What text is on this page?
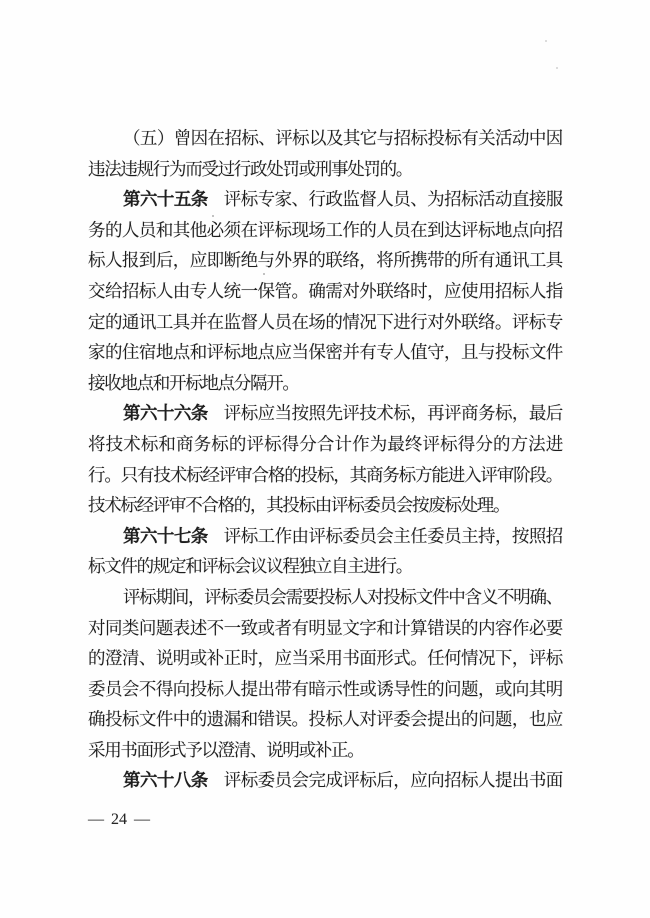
（五）曾因在招标、评标以及其它与招标投标有关活动中因
违法违规行为而受过行政处罚或刑事处罚的。
第六十五条 评标专家、行政监督人员、为招标活动直接服
务的人员和其他必须在评标现场工作的人员在到达评标地点向招
标人报到后，应即断绝与外界的联络，将所携带的所有通讯工具
交给招标人由专人统一保管。确需对外联络时，应使用招标人指
定的通讯工具并在监督人员在场的情况下进行对外联络。评标专
家的住宿地点和评标地点应当保密并有专人值守，且与投标文件
接收地点和开标地点分隔开。
第六十六条 评标应当按照先评技术标，再评商务标，最后
将技术标和商务标的评标得分合计作为最终评标得分的方法进
行。只有技术标经评审合格的投标，其商务标方能进入评审阶段。
技术标经评审不合格的，其投标由评标委员会按废标处理。
第六十七条 评标工作由评标委员会主任委员主持，按照招
标文件的规定和评标会议议程独立自主进行。
评标期间，评标委员会需要投标人对投标文件中含义不明确、
对同类问题表述不一致或者有明显文字和计算错误的内容作必要
的澄清、说明或补正时，应当采用书面形式。任何情况下，评标
委员会不得向投标人提出带有暗示性或诱导性的问题，或向其明
确投标文件中的遗漏和错误。投标人对评委会提出的问题，也应
采用书面形式予以澄清、说明或补正。
第六十八条 评标委员会完成评标后，应向招标人提出书面
— 24 —
